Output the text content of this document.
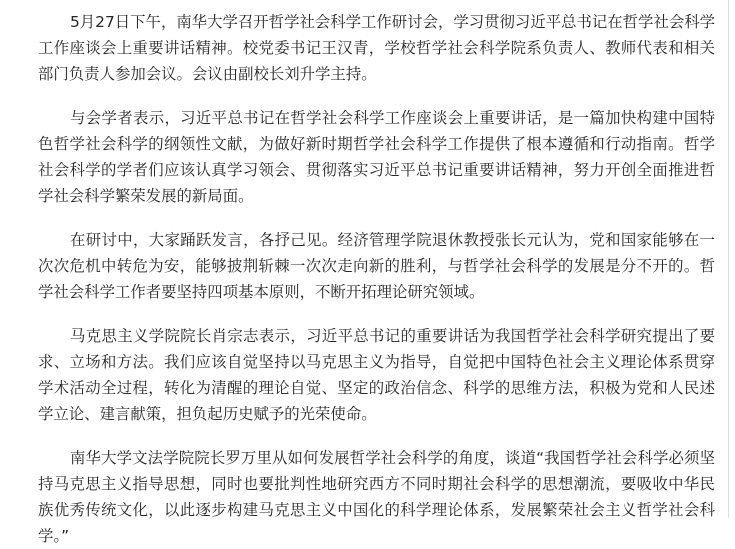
5月27日下午，南华大学召开哲学社会科学工作研讨会，学习贯彻习近平总书记在哲学社会科学工作座谈会上重要讲话精神。校党委书记王汉青，学校哲学社会科学院系负责人、教师代表和相关部门负责人参加会议。会议由副校长刘升学主持。

与会学者表示，习近平总书记在哲学社会科学工作座谈会上重要讲话，是一篇加快构建中国特色哲学社会科学的纲领性文献，为做好新时期哲学社会科学工作提供了根本遵循和行动指南。哲学社会科学的学者们应该认真学习领会、贯彻落实习近平总书记重要讲话精神，努力开创全面推进哲学社会科学繁荣发展的新局面。

在研讨中，大家踊跃发言，各抒己见。经济管理学院退休教授张长元认为，党和国家能够在一次次危机中转危为安，能够披荆斩棘一次次走向新的胜利，与哲学社会科学的发展是分不开的。哲学社会科学工作者要坚持四项基本原则，不断开拓理论研究领域。

马克思主义学院院长肖宗志表示，习近平总书记的重要讲话为我国哲学社会科学研究提出了要求、立场和方法。我们应该自觉坚持以马克思主义为指导，自觉把中国特色社会主义理论体系贯穿学术活动全过程，转化为清醒的理论自觉、坚定的政治信念、科学的思维方法，积极为党和人民述学立论、建言献策，担负起历史赋予的光荣使命。

南华大学文法学院院长罗万里从如何发展哲学社会科学的角度，谈道“我国哲学社会科学必须坚持马克思主义指导思想，同时也要批判性地研究西方不同时期社会科学的思想潮流，要吸收中华民族优秀传统文化，以此逐步构建马克思主义中国化的科学理论体系，发展繁荣社会主义哲学社会科学。”
